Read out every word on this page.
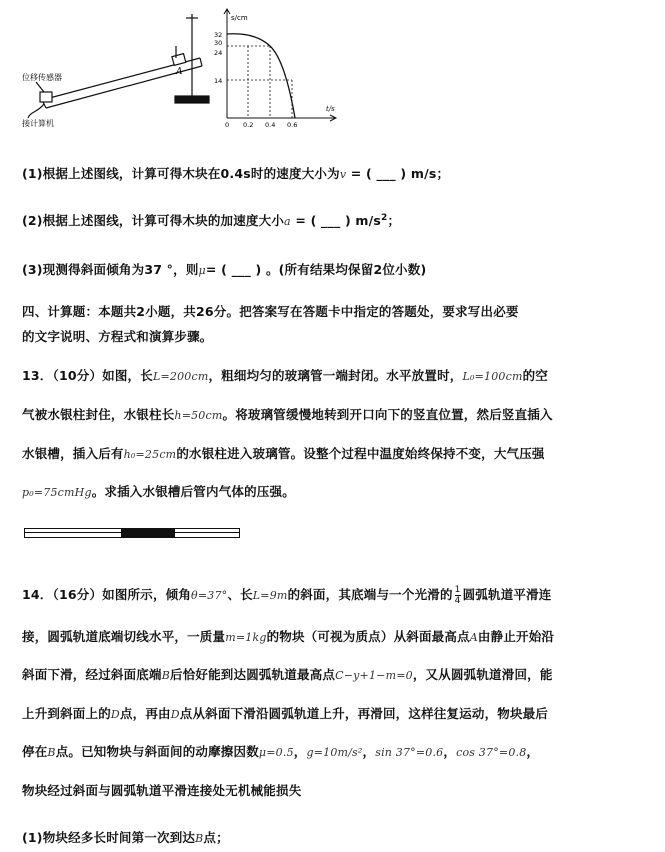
位移传感器
接计算机
A
s/cm
t/s
32
30
24
14
0 0.2 0.4 0.6
(1)根据上述图线，计算可得木块在0.4s时的速度大小为v = ( ___ ) m/s；
(2)根据上述图线，计算可得木块的加速度大小a = ( ___ ) $m/s^2$；
(3)现测得斜面倾角为37 °，则μ= ( ___ ) 。(所有结果均保留2位小数)
四、计算题：本题共2小题，共26分。把答案写在答题卡中指定的答题处，要求写出必要
的文字说明、方程式和演算步骤。
13．（10分）如图，长L=200cm，粗细均匀的玻璃管一端封闭。水平放置时，L₀=100cm的空
气被水银柱封住，水银柱长h=50cm。将玻璃管缓慢地转到开口向下的竖直位置，然后竖直插入
水银槽，插入后有h₀=25cm的水银柱进入玻璃管。设整个过程中温度始终保持不变，大气压强
p₀=75cmHg。求插入水银槽后管内气体的压强。
14．（16分）如图所示，倾角θ=37°、长L=9m的斜面，其底端与一个光滑的 $\frac{1}{4}$ 圆弧轨道平滑连
接，圆弧轨道底端切线水平，一质量m=1kg的物块（可视为质点）从斜面最高点A由静止开始沿
斜面下滑，经过斜面底端B后恰好能到达圆弧轨道最高点C−y+1−m=0，又从圆弧轨道滑回，能
上升到斜面上的D点，再由D点从斜面下滑沿圆弧轨道上升，再滑回，这样往复运动，物块最后
停在B点。已知物块与斜面间的动摩擦因数μ=0.5，g=10m/s²，sin 37°=0.6，cos 37°=0.8，
物块经过斜面与圆弧轨道平滑连接处无机械能损失
(1)物块经多长时间第一次到达B点；
